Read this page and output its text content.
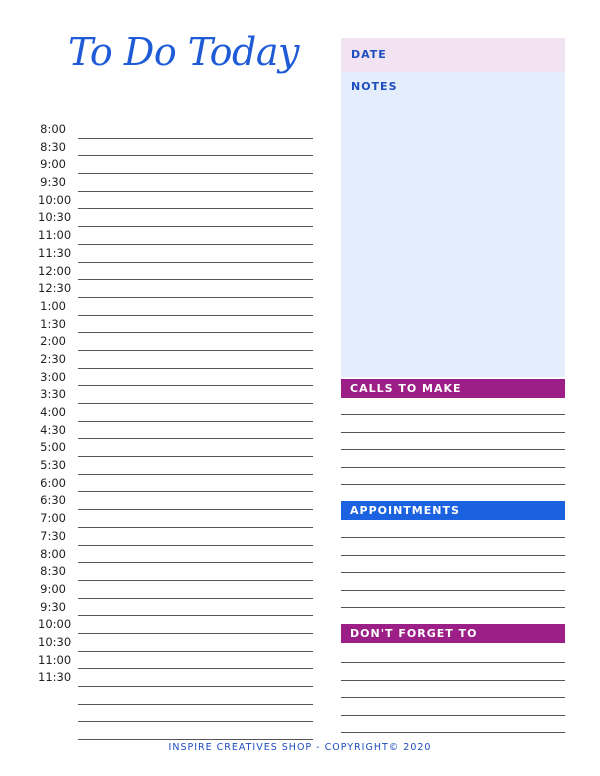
To Do Today
8:00
8:30
9:00
9:30
10:00
10:30
11:00
11:30
12:00
12:30
1:00
1:30
2:00
2:30
3:00
3:30
4:00
4:30
5:00
5:30
6:00
6:30
7:00
7:30
8:00
8:30
9:00
9:30
10:00
10:30
11:00
11:30
DATE
NOTES
CALLS TO MAKE
APPOINTMENTS
DON'T FORGET TO
INSPIRE CREATIVES SHOP - COPYRIGHT© 2020
